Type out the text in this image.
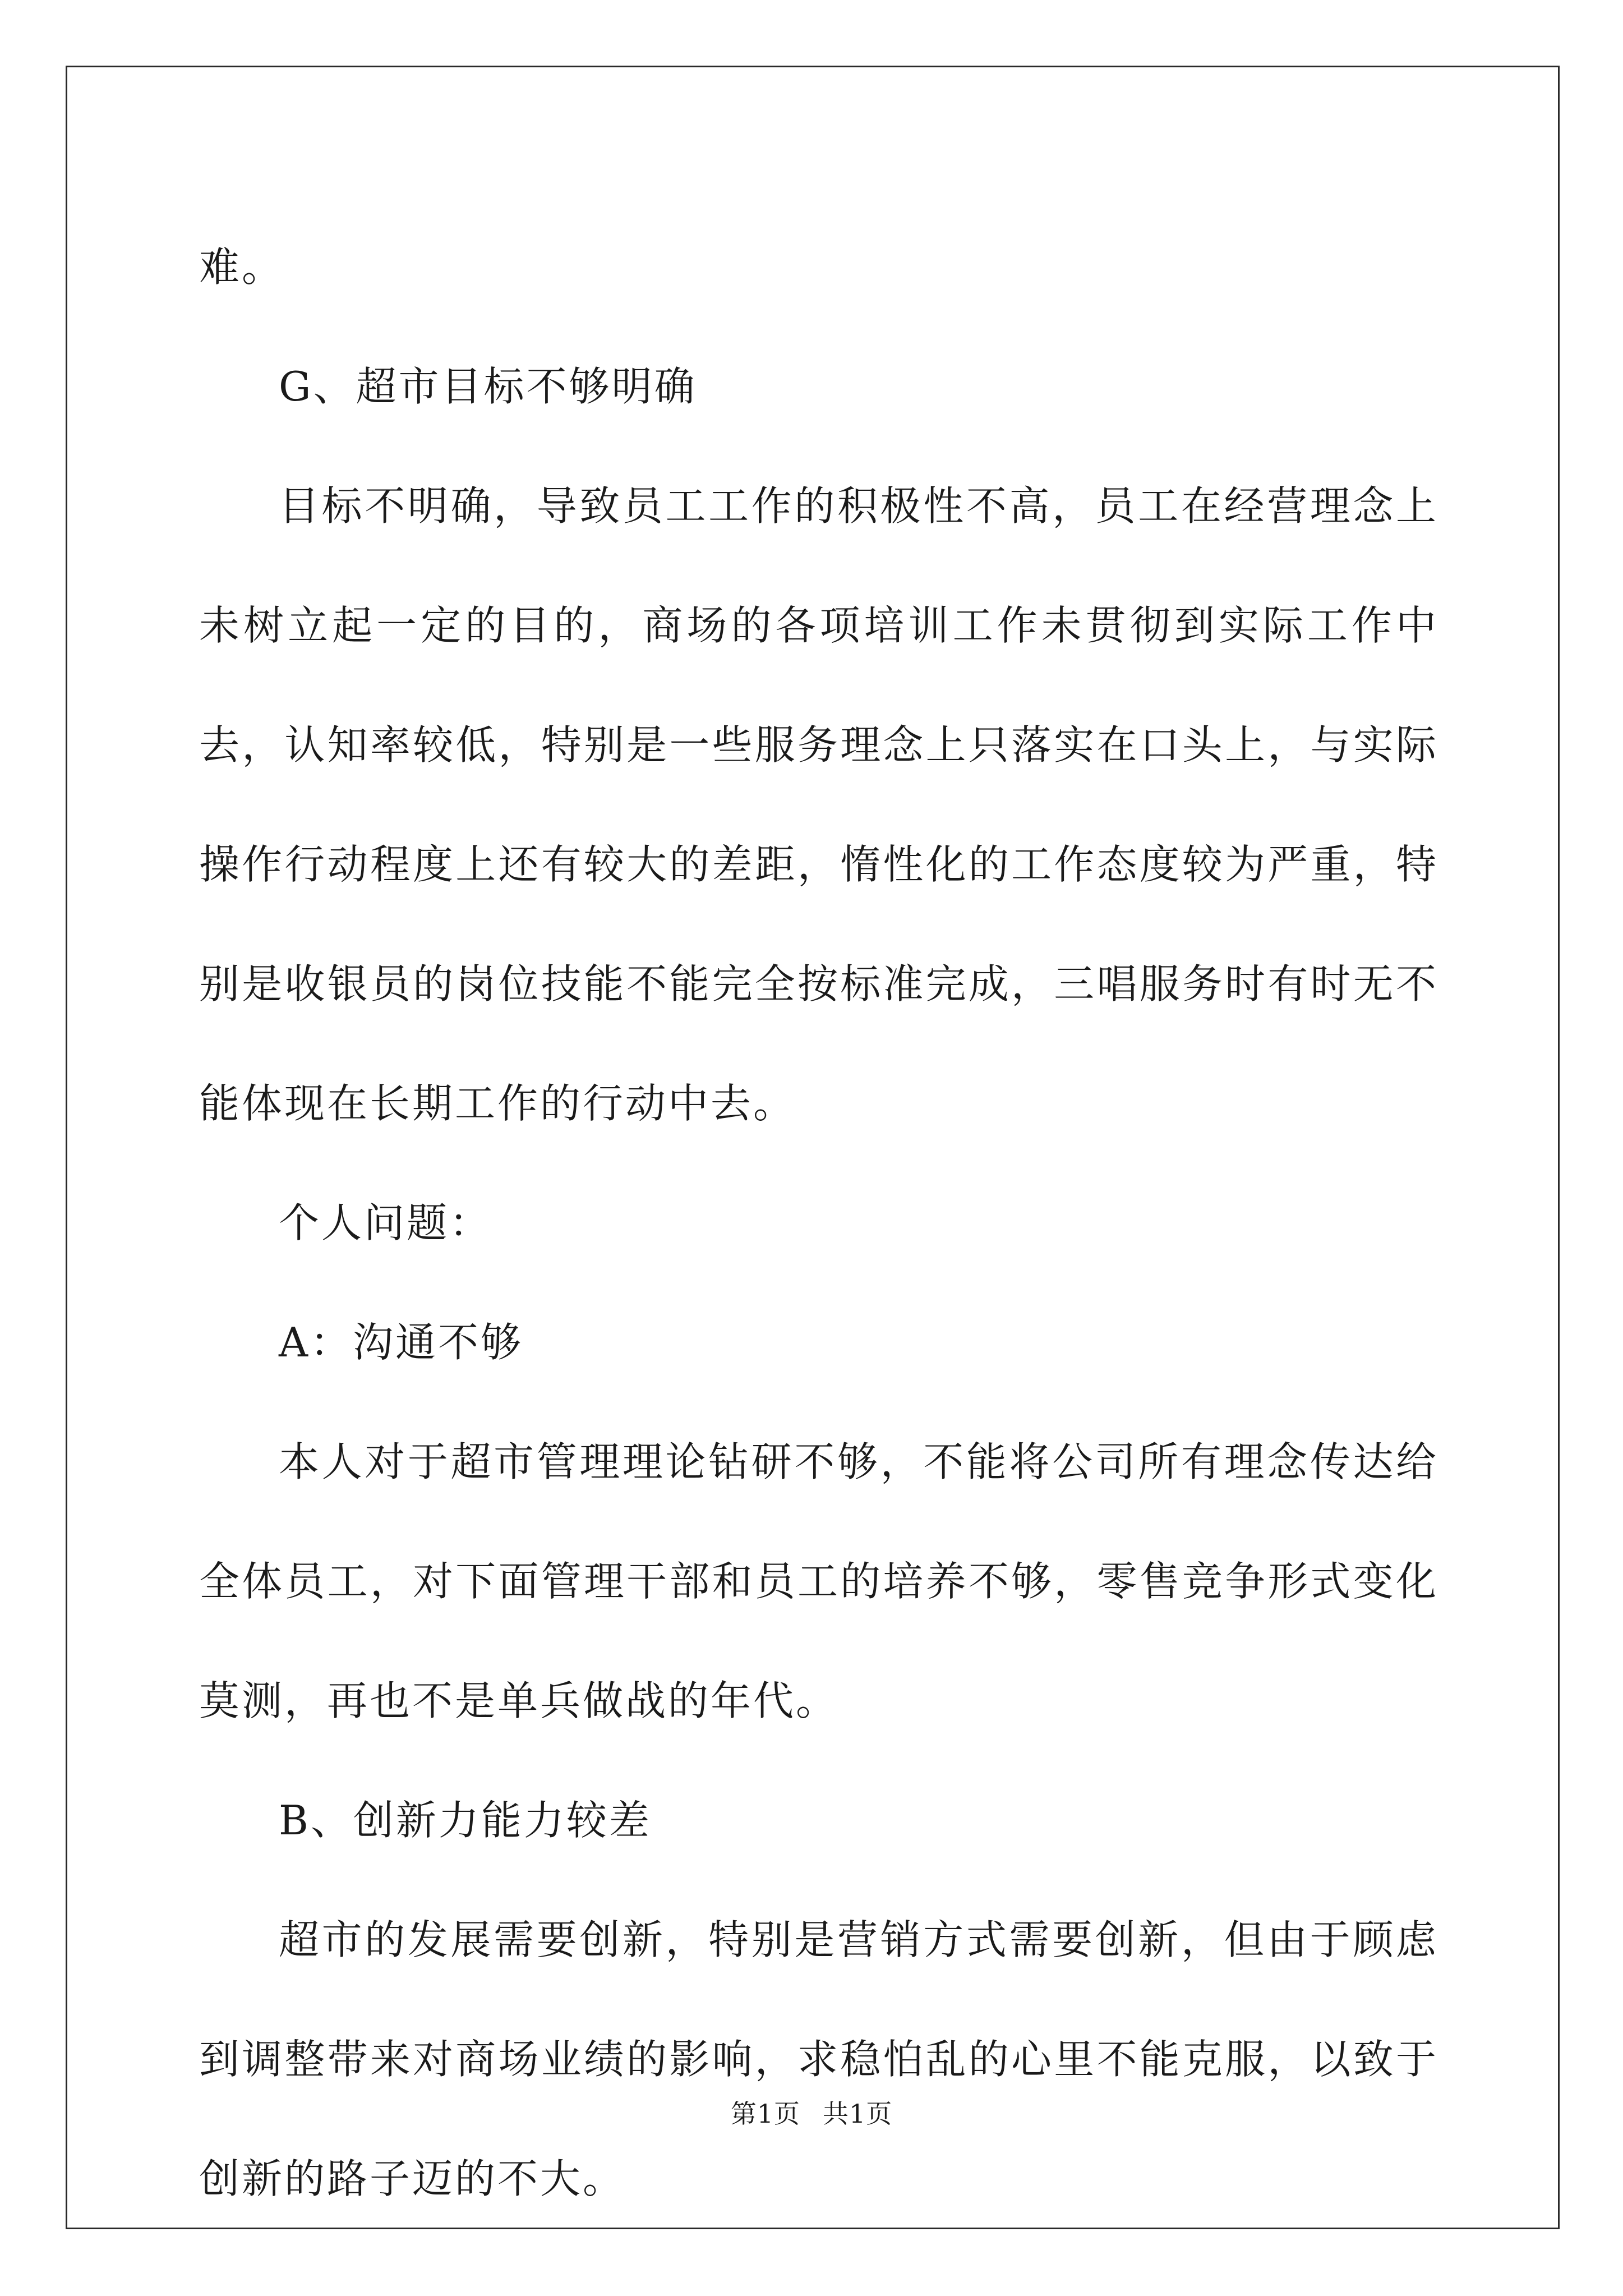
难。

G、超市目标不够明确

目标不明确，导致员工工作的积极性不高，员工在经营理念上未树立起一定的目的，商场的各项培训工作未贯彻到实际工作中去，认知率较低，特别是一些服务理念上只落实在口头上，与实际操作行动程度上还有较大的差距，惰性化的工作态度较为严重，特别是收银员的岗位技能不能完全按标准完成，三唱服务时有时无不能体现在长期工作的行动中去。

个人问题：

A：沟通不够

本人对于超市管理理论钻研不够，不能将公司所有理念传达给全体员工，对下面管理干部和员工的培养不够，零售竞争形式变化莫测，再也不是单兵做战的年代。

B、创新力能力较差

超市的发展需要创新，特别是营销方式需要创新，但由于顾虑到调整带来对商场业绩的影响，求稳怕乱的心里不能克服，以致于创新的路子迈的不大。

第1页 共1页
